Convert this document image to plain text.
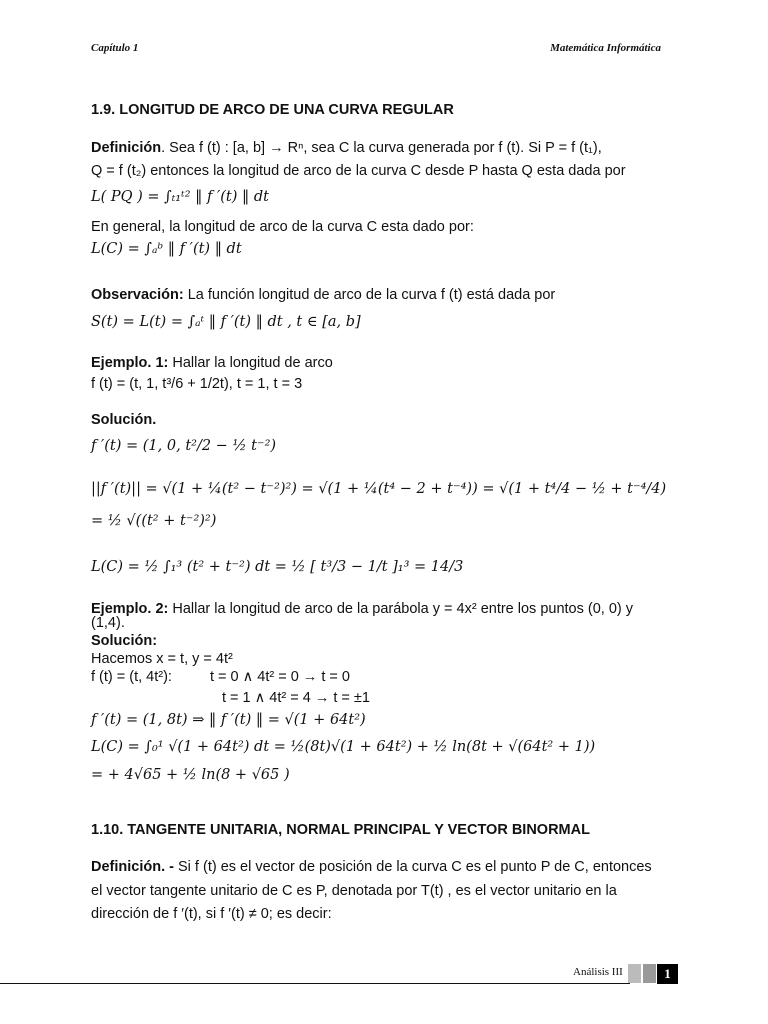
Capítulo 1	Matemática Informática
1.9. LONGITUD DE ARCO DE UNA CURVA REGULAR
Definición. Sea f (t) : [a, b] → Rⁿ, sea C la curva generada por f (t). Si P = f (t₁),
Q = f (t₂) entonces la longitud de arco de la curva C desde P hasta Q esta dada por
L( PQ ) = ∫ₜ₁ᵗ² ‖ f ′(t) ‖ dt
En general, la longitud de arco de la curva C esta dado por:
L(C) = ∫ₐᵇ ‖ f ′(t) ‖ dt
Observación: La función longitud de arco de la curva f (t) está dada por
S(t) = L(t) = ∫ₐᵗ ‖ f ′(t) ‖ dt , t ∈ [a, b]
Ejemplo. 1: Hallar la longitud de arco
f (t) = (t, 1, t³/6 + 1/2t), t = 1, t = 3
Solución.
f ′(t) = (1, 0, t²/2 − ½ t⁻²)
||f ′(t)|| = √(1 + ¼(t² − t⁻²)²) = √(1 + ¼(t⁴ − 2 + t⁻⁴)) = √(1 + t⁴/4 − ½ + t⁻⁴/4)
= ½ √((t² + t⁻²)²)
L(C) = ½ ∫₁³ (t² + t⁻²) dt = ½ [ t³/3 − 1/t ]₁³ = 14/3
Ejemplo. 2: Hallar la longitud de arco de la parábola y = 4x² entre los puntos (0, 0) y
(1,4).
Solución:
Hacemos x = t, y = 4t²
f (t) = (t, 4t²):	t = 0 ∧ 4t² = 0 → t = 0
t = 1 ∧ 4t² = 4 → t = ±1
f ′(t) = (1, 8t) ⇒ ‖ f ′(t) ‖ = √(1 + 64t²)
L(C) = ∫₀¹ √(1 + 64t²) dt = ½(8t)√(1 + 64t²) + ½ ln(8t + √(64t² + 1))
= + 4√65 + ½ ln(8 + √65 )
1.10. TANGENTE UNITARIA, NORMAL PRINCIPAL Y VECTOR BINORMAL
Definición. - Si f (t) es el vector de posición de la curva C es el punto P de C, entonces
el vector tangente unitario de C es P, denotada por T(t) , es el vector unitario en la
dirección de f ′(t), si f ′(t) ≠ 0; es decir:
Análisis III	1
